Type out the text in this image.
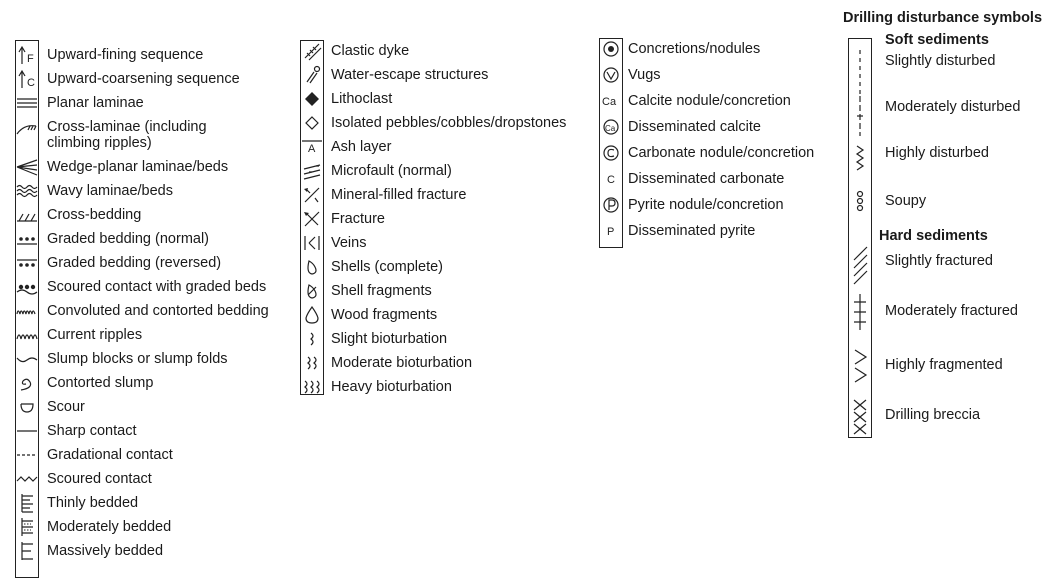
F Upward-fining sequence
C Upward-coarsening sequence
Planar laminae
Cross-laminae (including
climbing ripples)
Wedge-planar laminae/beds
Wavy laminae/beds
Cross-bedding
Graded bedding (normal)
Graded bedding (reversed)
Scoured contact with graded beds
Convoluted and contorted bedding
Current ripples
Slump blocks or slump folds
Contorted slump
Scour
Sharp contact
Gradational contact
Scoured contact
Thinly bedded
Moderately bedded
Massively bedded
Clastic dyke
Water-escape structures
Lithoclast
Isolated pebbles/cobbles/dropstones
A Ash layer
Microfault (normal)
Mineral-filled fracture
Fracture
Veins
Shells (complete)
Shell fragments
Wood fragments
Slight bioturbation
Moderate bioturbation
Heavy bioturbation
Concretions/nodules
Vugs
Ca Calcite nodule/concretion
Ca Disseminated calcite
Carbonate nodule/concretion
C Disseminated carbonate
Pyrite nodule/concretion
P Disseminated pyrite
Drilling disturbance symbols
Soft sediments
Hard sediments
Slightly disturbed
Moderately disturbed
Highly disturbed
Soupy
Slightly fractured
Moderately fractured
Highly fragmented
Drilling breccia
